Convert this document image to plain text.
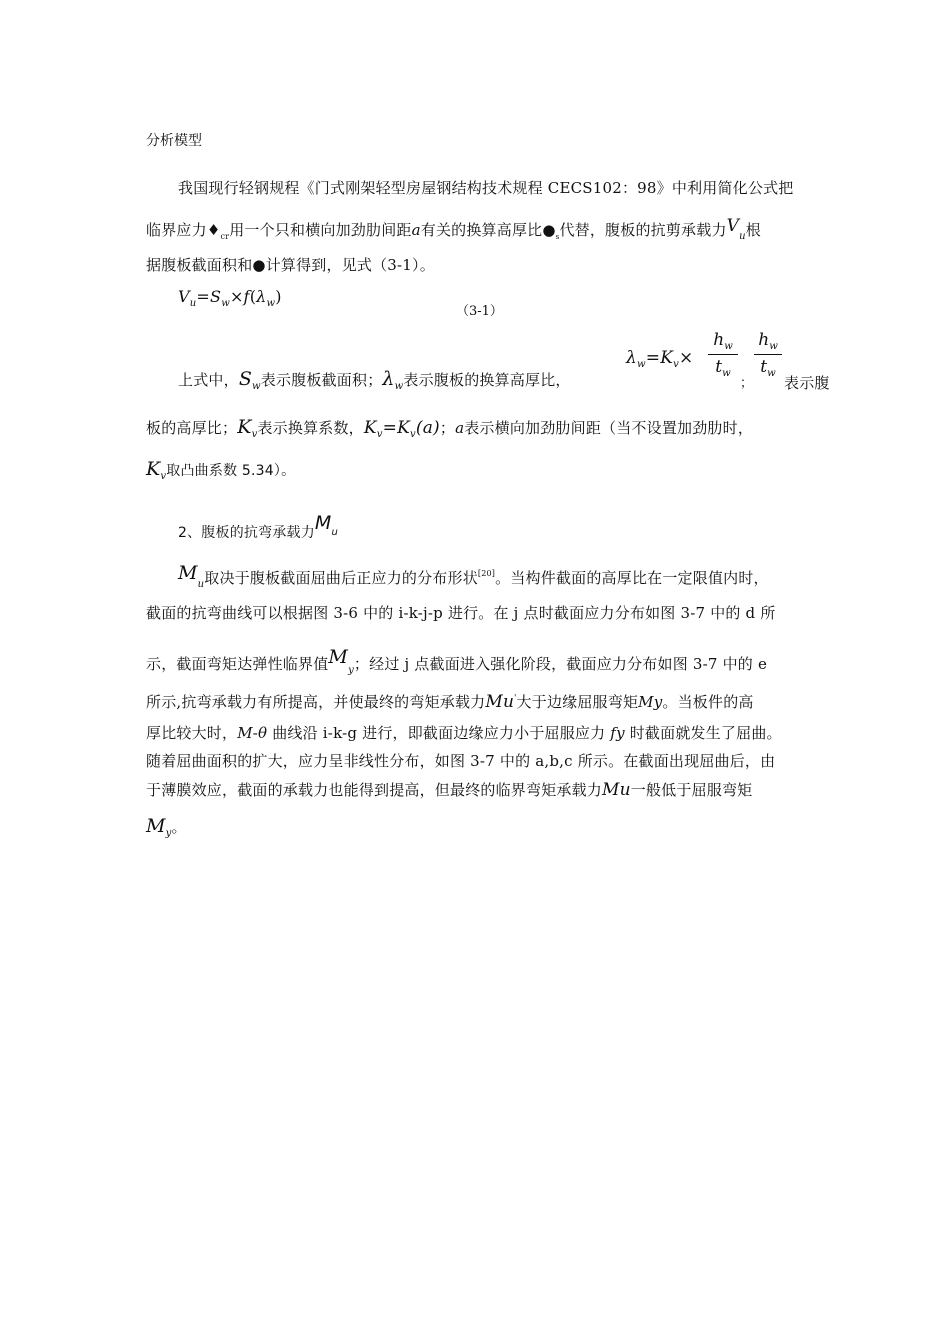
分析模型
我国现行轻钢规程《门式刚架轻型房屋钢结构技术规程 CECS102：98》中利用简化公式把
临界应力$♦_{cr}$用一个只和横向加劲肋间距a有关的换算高厚比$●_s$代替，腹板的抗剪承载力$V_u$根
据腹板截面积和●计算得到，见式（3-1）。
$V_u=S_w\times f(\lambda_w)$
（3-1）
上式中，$S_w$表示腹板截面积；$\lambda_w$表示腹板的换算高厚比，
$\lambda_w=K_v\times$
$h_w$
$t_w$
；
$h_w$
$t_w$
表示腹
板的高厚比；$K_v$表示换算系数，$K_v=K_v(a)$；a表示横向加劲肋间距（当不设置加劲肋时，
$K_v$取凸曲系数 5.34）。
2、腹板的抗弯承载力$M^u$
$M_u$取决于腹板截面屈曲后正应力的分布形状[20]。当构件截面的高厚比在一定限值内时，
截面的抗弯曲线可以根据图 3-6 中的 i-k-j-p 进行。在 j 点时截面应力分布如图 3-7 中的 d 所
示，截面弯矩达弹性临界值$M_y$；经过 j 点截面进入强化阶段，截面应力分布如图 3-7 中的 e
所示,抗弯承载力有所提高，并使最终的弯矩承载力Mu'大于边缘屈服弯矩My。当板件的高
厚比较大时，M-θ 曲线沿 i-k-g 进行，即截面边缘应力小于屈服应力 fy 时截面就发生了屈曲。
随着屈曲面积的扩大，应力呈非线性分布，如图 3-7 中的 a,b,c 所示。在截面出现屈曲后，由
于薄膜效应，截面的承载力也能得到提高，但最终的临界弯矩承载力Mu一般低于屈服弯矩
$M_y$。
